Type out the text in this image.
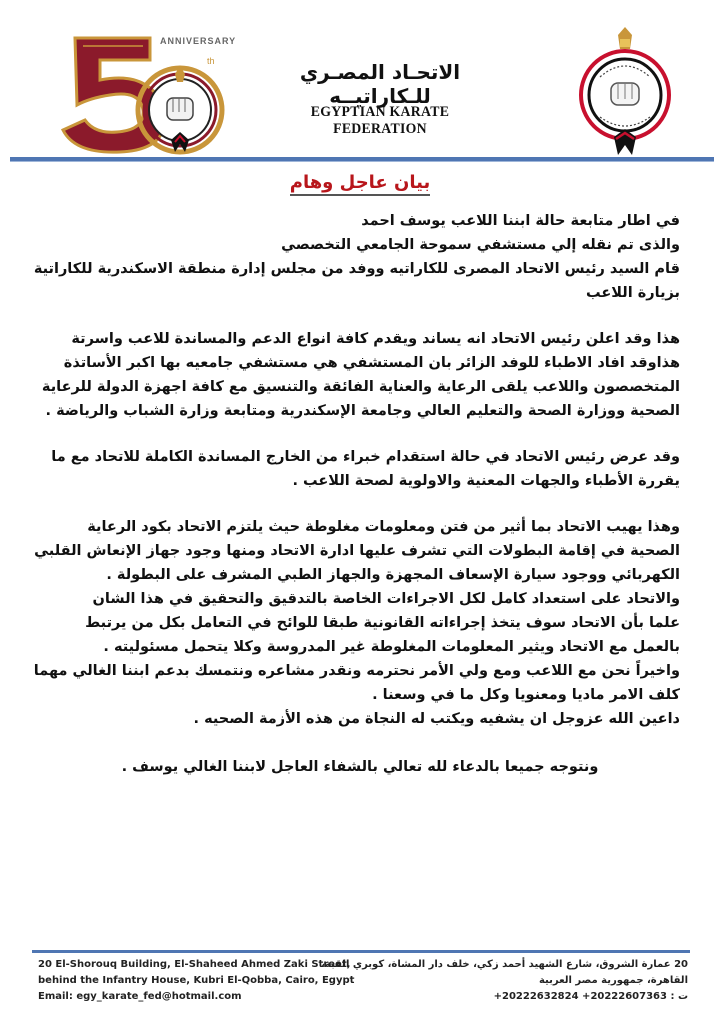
ANNIVERSARY
th	الاتحـاد المصـري للـكاراتيــه
EGYPTIAN KARATE FEDERATION
بيان عاجل وهام
في اطار متابعة حالة ابننا اللاعب يوسف احمد
والذى تم نقله إلي مستشفي سموحة الجامعي التخصصي
قام السيد رئيس الاتحاد المصرى للكاراتيه ووفد من مجلس إدارة منطقة الاسكندرية للكاراتية
بزيارة اللاعب
هذا وقد اعلن رئيس الاتحاد انه يساند ويقدم كافة انواع الدعم والمساندة للاعب واسرتة
هذاوقد افاد الاطباء للوفد الزائر بان المستشفي هي مستشفي جامعيه بها اكبر الأساتذة
المتخصصون واللاعب يلقى الرعاية والعناية الفائقة والتنسيق مع كافة اجهزة الدولة للرعاية
الصحية ووزارة الصحة والتعليم العالي وجامعة الإسكندرية ومتابعة وزارة الشباب والرياضة .
وقد عرض رئيس الاتحاد في حالة استقدام خبراء من الخارج المساندة الكاملة للاتحاد مع ما
يقررة الأطباء والجهات المعنية والاولوية لصحة اللاعب .
وهذا يهيب الاتحاد بما أثير من فتن ومعلومات مغلوطة حيث يلتزم الاتحاد بكود الرعاية
الصحية في إقامة البطولات التي تشرف عليها ادارة الاتحاد ومنها وجود جهاز الإنعاش القلبي
الكهربائي ووجود سيارة الإسعاف المجهزة والجهاز الطبي المشرف على البطولة .
والاتحاد على استعداد كامل لكل الاجراءات الخاصة بالتدقيق والتحقيق في هذا الشان
علما بأن الاتحاد سوف يتخذ إجراءاته القانونية طبقا للوائح في التعامل بكل من يرتبط
بالعمل مع الاتحاد ويثير المعلومات المغلوطة غير المدروسة وكلا يتحمل مسئوليته .
واخيراً نحن مع اللاعب ومع ولي الأمر نحترمه ونقدر مشاعره ونتمسك بدعم ابننا الغالي مهما
كلف الامر ماديا ومعنويا وكل ما في وسعنا .
داعين الله عزوجل ان يشفيه ويكتب له النجاة من هذه الأزمة الصحيه .
ونتوجه جميعا بالدعاء لله تعالي بالشفاء العاجل لابننا الغالي يوسف .
20 El-Shorouq Building, El-Shaheed Ahmed Zaki Street,
behind the Infantry House, Kubri El-Qobba, Cairo, Egypt
Email: egy_karate_fed@hotmail.com
20 عمارة الشروق، شارع الشهيد أحمد زكي، خلف دار المشاة، كوبري القبة،
القاهرة، جمهورية مصر العربية
ت : 20222607363+ 20222632824+
